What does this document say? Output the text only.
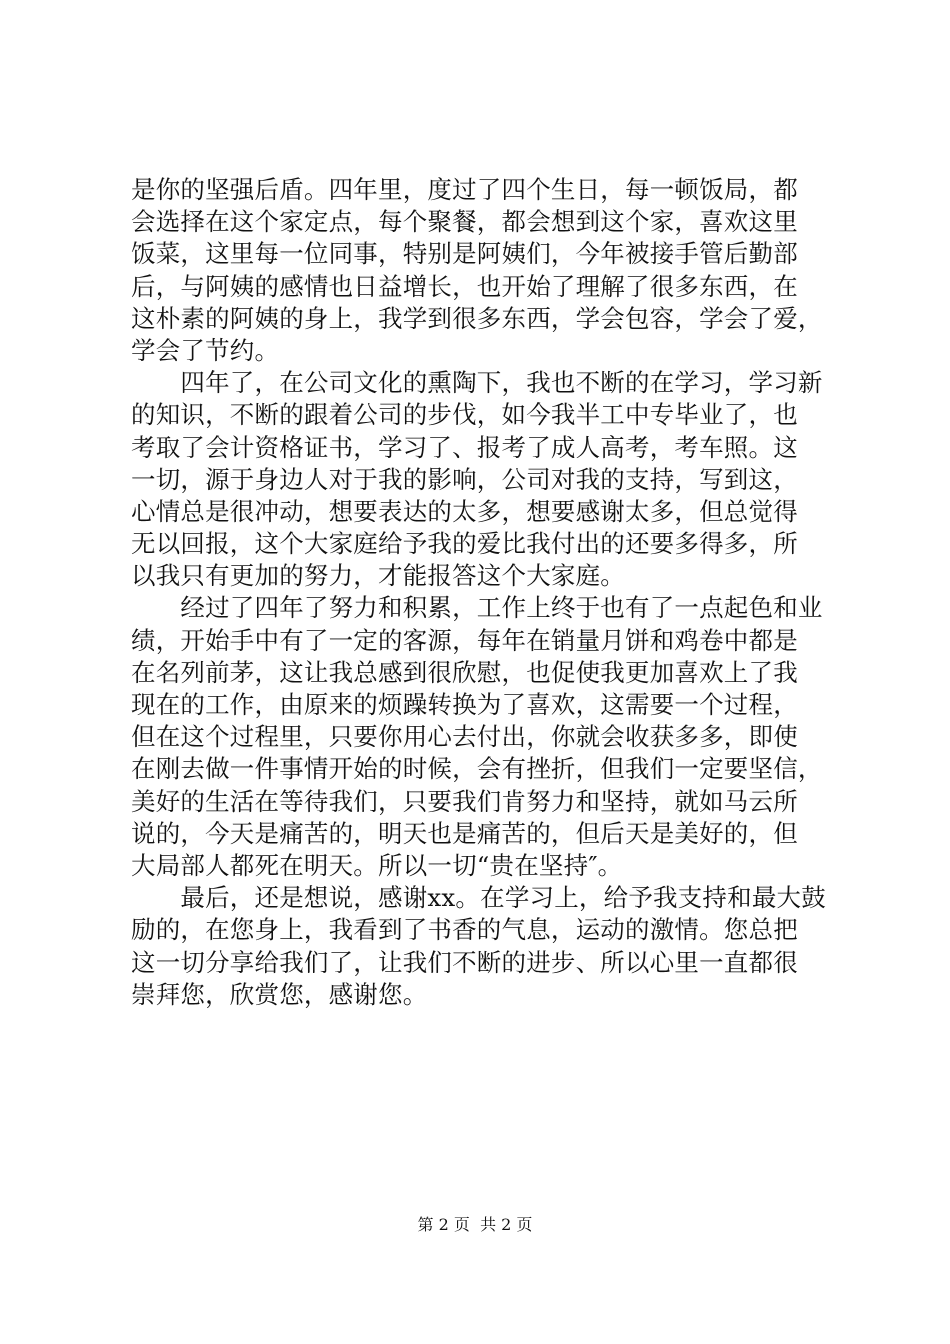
是你的坚强后盾。四年里，度过了四个生日，每一顿饭局，都
会选择在这个家定点，每个聚餐，都会想到这个家，喜欢这里
饭菜，这里每一位同事，特别是阿姨们，今年被接手管后勤部
后，与阿姨的感情也日益增长，也开始了理解了很多东西，在
这朴素的阿姨的身上，我学到很多东西，学会包容，学会了爱，
学会了节约。
　　四年了，在公司文化的熏陶下，我也不断的在学习，学习新
的知识，不断的跟着公司的步伐，如今我半工中专毕业了，也
考取了会计资格证书，学习了、报考了成人高考，考车照。这
一切，源于身边人对于我的影响，公司对我的支持，写到这，
心情总是很冲动，想要表达的太多，想要感谢太多，但总觉得
无以回报，这个大家庭给予我的爱比我付出的还要多得多，所
以我只有更加的努力，才能报答这个大家庭。
　　经过了四年了努力和积累，工作上终于也有了一点起色和业
绩，开始手中有了一定的客源，每年在销量月饼和鸡卷中都是
在名列前茅，这让我总感到很欣慰，也促使我更加喜欢上了我
现在的工作，由原来的烦躁转换为了喜欢，这需要一个过程，
但在这个过程里，只要你用心去付出，你就会收获多多，即使
在刚去做一件事情开始的时候，会有挫折，但我们一定要坚信，
美好的生活在等待我们，只要我们肯努力和坚持，就如马云所
说的，今天是痛苦的，明天也是痛苦的，但后天是美好的，但
大局部人都死在明天。所以一切“贵在坚持″。
　　最后，还是想说，感谢xx。在学习上，给予我支持和最大鼓
励的，在您身上，我看到了书香的气息，运动的激情。您总把
这一切分享给我们了，让我们不断的进步、所以心里一直都很
崇拜您，欣赏您，感谢您。
第 2 页  共 2 页
